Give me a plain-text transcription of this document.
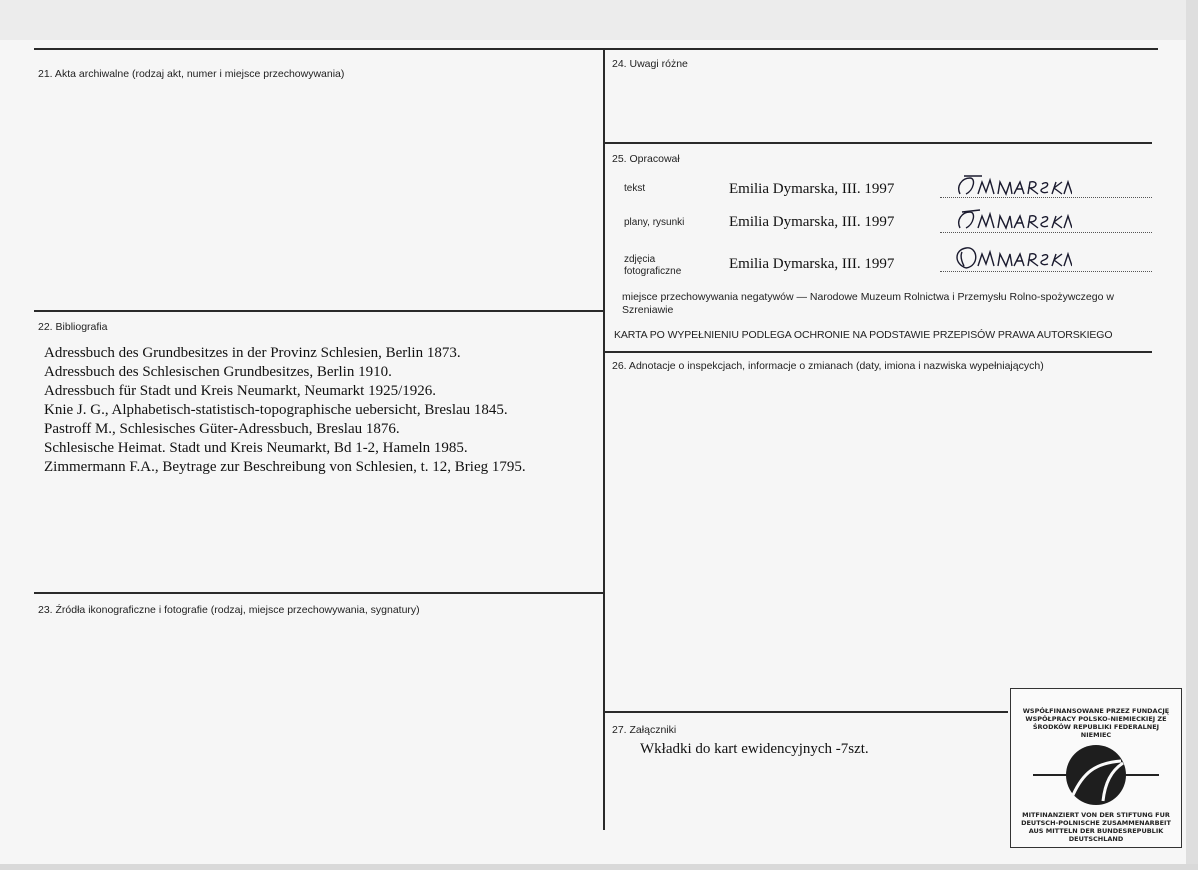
21. Akta archiwalne (rodzaj akt, numer i miejsce przechowywania)
22. Bibliografia
Adressbuch des Grundbesitzes in der Provinz Schlesien, Berlin 1873.
Adressbuch des Schlesischen Grundbesitzes, Berlin 1910.
Adressbuch für Stadt und Kreis Neumarkt, Neumarkt 1925/1926.
Knie J. G., Alphabetisch-statistisch-topographische uebersicht, Breslau 1845.
Pastroff M., Schlesisches Güter-Adressbuch, Breslau 1876.
Schlesische Heimat. Stadt und Kreis Neumarkt, Bd 1-2, Hameln 1985.
Zimmermann F.A., Beytrage zur Beschreibung von Schlesien, t. 12, Brieg 1795.
23. Źródła ikonograficzne i fotografie (rodzaj, miejsce przechowywania, sygnatury)
24. Uwagi różne
25. Opracował
tekst	Emilia Dymarska, III. 1997
plany, rysunki	Emilia Dymarska, III. 1997
zdjęcia fotograficzne	Emilia Dymarska, III. 1997
miejsce przechowywania negatywów — Narodowe Muzeum Rolnictwa i Przemysłu Rolno-spożywczego w Szreniawie
KARTA PO WYPEŁNIENIU PODLEGA OCHRONIE NA PODSTAWIE PRZEPISÓW PRAWA AUTORSKIEGO
26. Adnotacje o inspekcjach, informacje o zmianach (daty, imiona i nazwiska wypełniających)
27. Załączniki
Wkładki do kart ewidencyjnych -7szt.
WSPÓŁFINANSOWANE PRZEZ FUNDACJĘ WSPÓŁPRACY POLSKO-NIEMIECKIEJ ZE ŚRODKÓW REPUBLIKI FEDERALNEJ NIEMIEC
MITFINANZIERT VON DER STIFTUNG FUR DEUTSCH-POLNISCHE ZUSAMMENARBEIT AUS MITTELN DER BUNDESREPUBLIK DEUTSCHLAND
